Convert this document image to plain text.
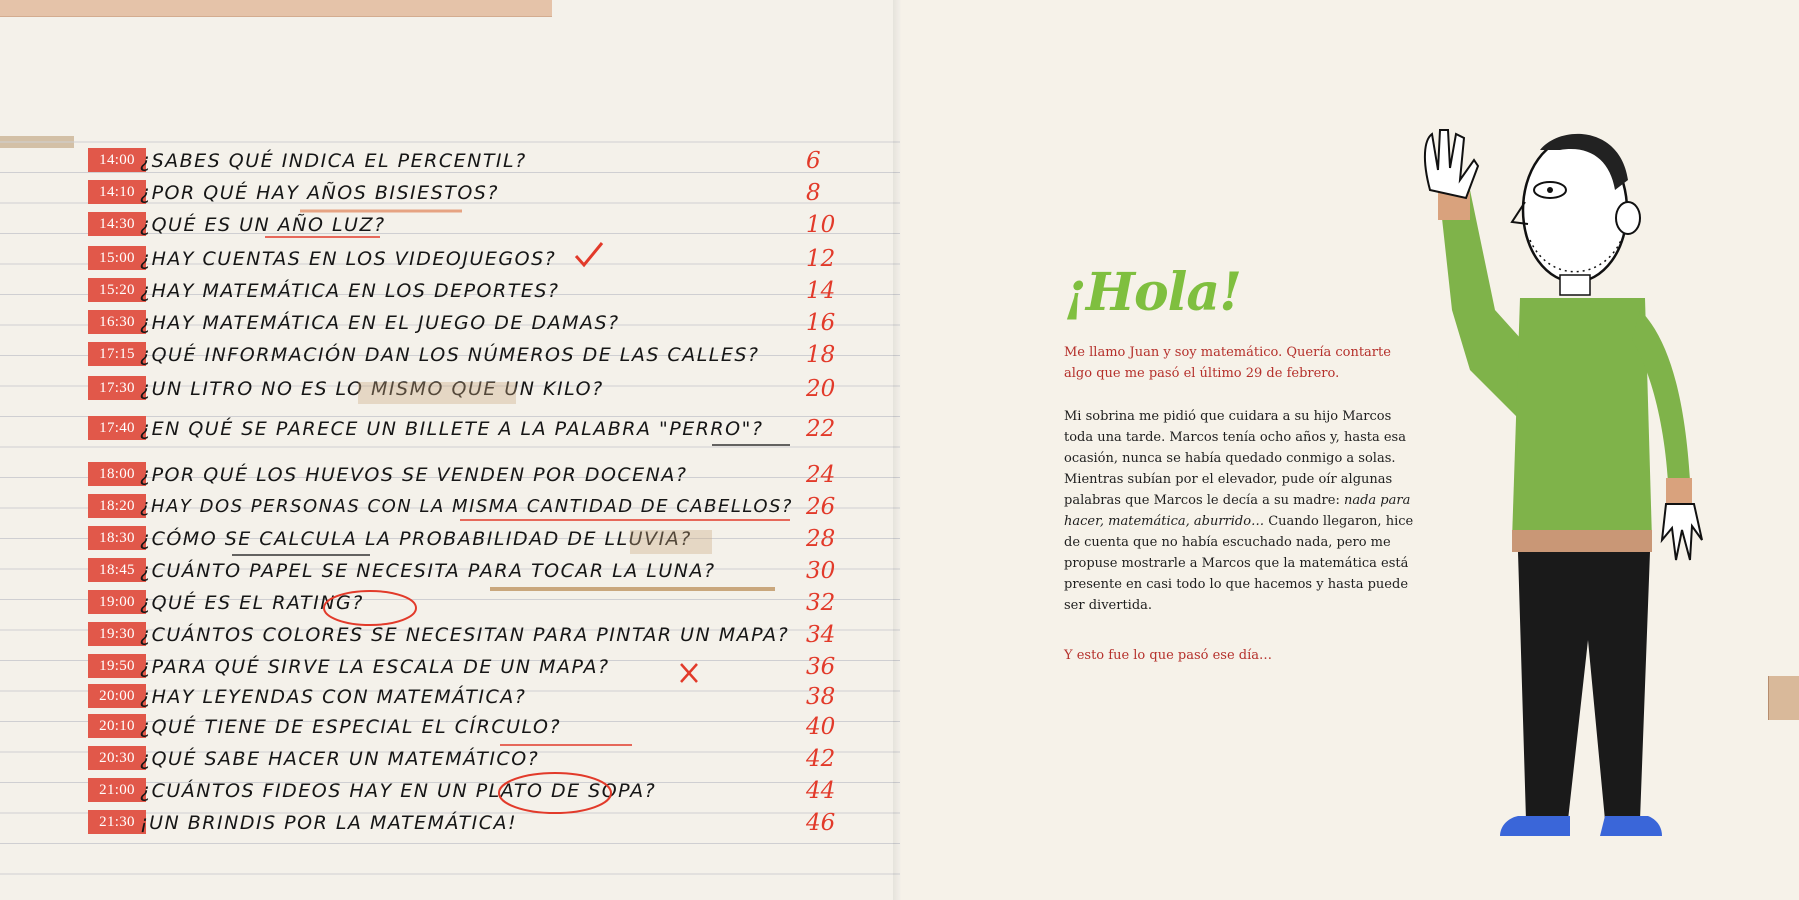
14:00 ¿SABES QUÉ INDICA EL PERCENTIL?	6
14:10 ¿POR QUÉ HAY AÑOS BISIESTOS?	8
14:30 ¿QUÉ ES UN AÑO LUZ?	10
15:00 ¿HAY CUENTAS EN LOS VIDEOJUEGOS?	12
15:20 ¿HAY MATEMÁTICA EN LOS DEPORTES?	14
16:30 ¿HAY MATEMÁTICA EN EL JUEGO DE DAMAS?	16
17:15 ¿QUÉ INFORMACIÓN DAN LOS NÚMEROS DE LAS CALLES? 18
17:30 ¿UN LITRO NO ES LO MISMO QUE UN KILO?	20
17:40 ¿EN QUÉ SE PARECE UN BILLETE A LA PALABRA "PERRO"? 22
18:00 ¿POR QUÉ LOS HUEVOS SE VENDEN POR DOCENA?	24
18:20 ¿HAY DOS PERSONAS CON LA MISMA CANTIDAD DE CABELLOS? 26
18:30 ¿CÓMO SE CALCULA LA PROBABILIDAD DE LLUVIA?	28
18:45 ¿CUÁNTO PAPEL SE NECESITA PARA TOCAR LA LUNA?	30
19:00 ¿QUÉ ES EL RATING?	32
19:30 ¿CUÁNTOS COLORES SE NECESITAN PARA PINTAR UN MAPA? 34
19:50 ¿PARA QUÉ SIRVE LA ESCALA DE UN MAPA?	36
20:00 ¿HAY LEYENDAS CON MATEMÁTICA?	38
20:10 ¿QUÉ TIENE DE ESPECIAL EL CÍRCULO?	40
20:30 ¿QUÉ SABE HACER UN MATEMÁTICO?	42
21:00 ¿CUÁNTOS FIDEOS HAY EN UN PLATO DE SOPA?	44
21:30 ¡UN BRINDIS POR LA MATEMÁTICA!	46
¡Hola!

Me llamo Juan y soy matemático. Quería contarte algo que me pasó el último 29 de febrero.

Mi sobrina me pidió que cuidara a su hijo Marcos toda una tarde. Marcos tenía ocho años y, hasta esa ocasión, nunca se había quedado conmigo a solas. Mientras subían por el elevador, pude oír algunas palabras que Marcos le decía a su madre: nada para hacer, matemática, aburrido… Cuando llegaron, hice de cuenta que no había escuchado nada, pero me propuse mostrarle a Marcos que la matemática está presente en casi todo lo que hacemos y hasta puede ser divertida.

Y esto fue lo que pasó ese día…
